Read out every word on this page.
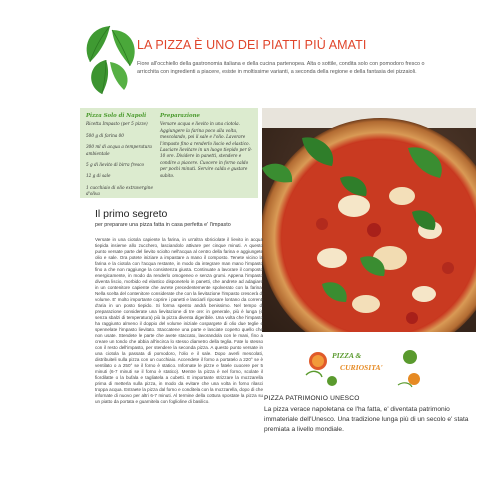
LA PIZZA È UNO DEI PIATTI PIÙ AMATI
Fiore all'occhiello della gastronomia italiana e della cucina partenopea. Alta o sottile, condita solo con pomodoro fresco o arricchita con ingredienti a piacere, esiste in moltissime varianti, a seconda della regione e della fantasia dei pizzaioli.
Pizza Solo di Napoli
Ricetta Impasto (per 5 pizze)
500 g di farina 00
300 ml di acqua a temperatura ambientale
5 g di lievito di birra fresco
12 g di sale
1 cucchiaio di olio extravergine d'oliva
Preparazione
Versare acqua e lievito in una ciotola. Aggiungere la farina poco alla volta, mescolando, poi il sale e l'olio. Lavorare l'impasto fino a renderlo liscio ed elastico. Lasciare lievitare in un luogo tiepido per 8-10 ore. Dividere in panetti, stendere e condire a piacere. Cuocere in forno caldo per pochi minuti. Servire calda e gustare subito.
Il primo segreto
per preparare una pizza fatta in casa perfetta e' l'impasto
Versate in una ciotola capiente la farina, in un'altra sbriciolate il lievito in acqua tiepida insieme allo zucchero, lasciandolo attivare per cinque minuti. A questo punto versate parte del lievito sciolto nell'acqua al centro della farina e aggiungete olio e sale. Ora potete iniziare a impastare a mano il composto. Tenete vicino la farina e la ciotola con l'acqua restante, in modo da integrare man mano l'impasto fino a che non raggiunge la consistenza giusta. Continuate a lavorare il composto energicamente, in modo da renderlo omogeneo e senza grumi. Appena l'impasto diventa liscio, morbido ed elastico disponetelo in panetti, che andrete ad adagiare in un contenitore capiente che avrete precedentemente spolverato con la farina. Nella scelta del contenitore considerate che con la lievitazione l'impasto crescerà di volume. E' molto importante coprire i panetti e lasciarli riposare lontano da correnti d'aria in un posto tiepido. Si forma spento andrà benissimo. Nel tempo di preparazione considerate una lievitazione di tre ore: in generale, più è lunga (e senza sbalzi di temperatura) più la pizza diventa digeribile. Una volta che l'impasto ha raggiunto almeno il doppio del volume iniziale cospargete di olio due teglie e spennelate l'impasto lievitato. Staccatene una parte e lasciate coperto quello che non usate. Stendete le parte che avete staccato, lavorandola con le mani, fino a creare un tondo che abbia all'incirca lo stesso diametro della teglia. Fate lo stesso con il resto dell'impasto, per stendere la seconda pizza. A questo punto versate in una ciotola la passata di pomodoro, l'olio e il sale. Dopo averli mescolati, distribuiteli sulla pizza con un cucchiaio. Accendete il forno a portatelo a 220° se è ventilato o a 250° se il forno è statico. Infornate le pizze e fatele cuocere per 5 minuti (6-7 minuti se il forno è statico). Mentre la pizza è nel forno, scolate il fiordilatte o la bufala e tagliatela a cubetti. E importante strizzare la mozzarella prima di metterla sulla pizza, in modo da evitare che una volta in forno rilasci troppa acqua. Estraete la pizza dal forno e conditela con la mozzarella, dopo di che infornate di nuovo per altri 6-7 minuti. Al termine della cottura spostate la pizza su un piatto da portata e guarnitela con foglioline di basilico.
PIZZA &
CURIOSITA'
PIZZA PATRIMONIO UNESCO
La pizza verace napoletana ce l'ha fatta, e' diventata patrimonio immateriale dell'Unesco. Una tradizione lunga più di un secolo e' stata premiata a livello mondiale.
